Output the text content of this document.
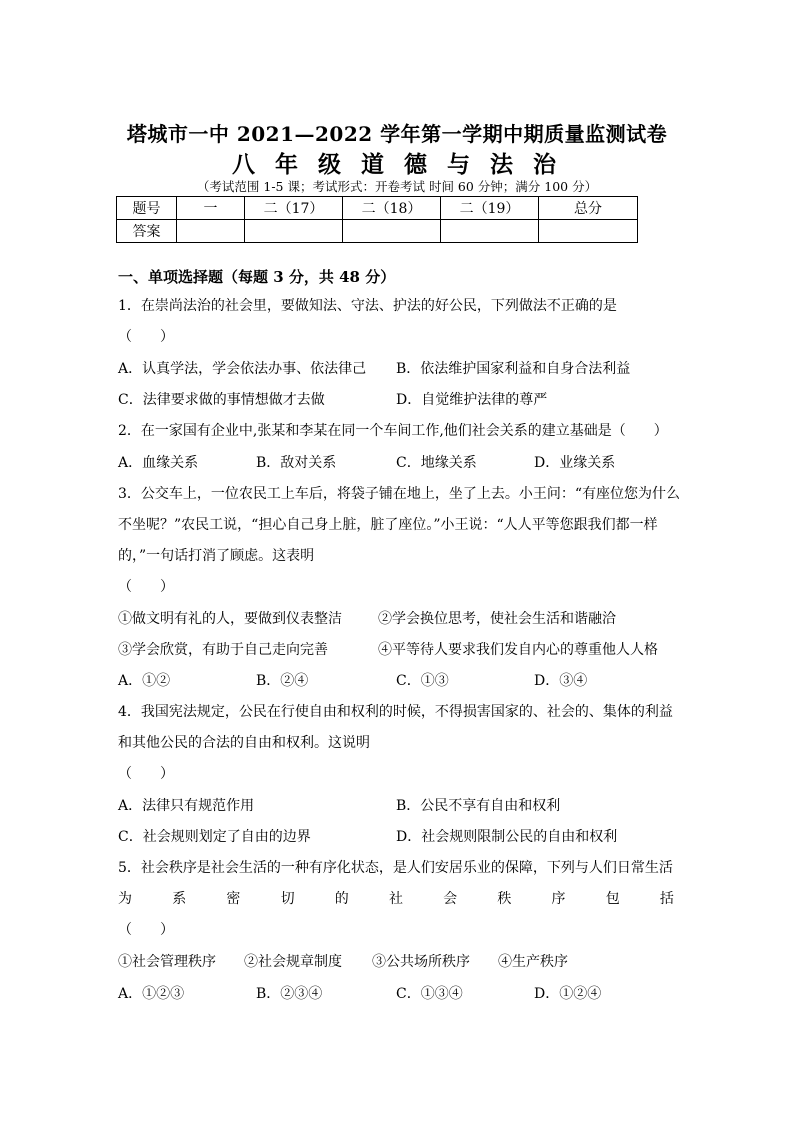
塔城市一中 2021—2022 学年第一学期中期质量监测试卷
八 年 级 道 德 与 法 治
（考试范围 1-5 课；考试形式：开卷考试 时间 60 分钟；满分 100 分）
题号	一	二（17）	二（18）	二（19）	总分
答案					
一、单项选择题（每题 3 分，共 48 分）
1．在崇尚法治的社会里，要做知法、守法、护法的好公民，下列做法不正确的是
（　　）
A．认真学法，学会依法办事、依法律己 B．依法维护国家利益和自身合法利益
C．法律要求做的事情想做才去做	D．自觉维护法律的尊严
2．在一家国有企业中,张某和李某在同一个车间工作,他们社会关系的建立基础是（　　）
A．血缘关系	B．敌对关系	C．地缘关系	D．业缘关系
3．公交车上，一位农民工上车后，将袋子铺在地上，坐了上去。小王问：“有座位您为什么
不坐呢？”农民工说，“担心自己身上脏，脏了座位。”小王说：“人人平等您跟我们都一样
的，”一句话打消了顾虑。这表明
（　　）
①做文明有礼的人，要做到仪表整洁	②学会换位思考，使社会生活和谐融洽
③学会欣赏，有助于自己走向完善	④平等待人要求我们发自内心的尊重他人人格
A．①②	B．②④	C．①③	D．③④
4．我国宪法规定，公民在行使自由和权利的时候，不得损害国家的、社会的、集体的利益
和其他公民的合法的自由和权利。这说明
（　　）
A．法律只有规范作用	B．公民不享有自由和权利
C．社会规则划定了自由的边界	D．社会规则限制公民的自由和权利
5．社会秩序是社会生活的一种有序化状态，是人们安居乐业的保障，下列与人们日常生活
为	系	密	切	的	社	会	秩	序	包	括
（　　）
①社会管理秩序 ②社会规章制度 ③公共场所秩序 ④生产秩序
A．①②③	B．②③④	C．①③④	D．①②④
